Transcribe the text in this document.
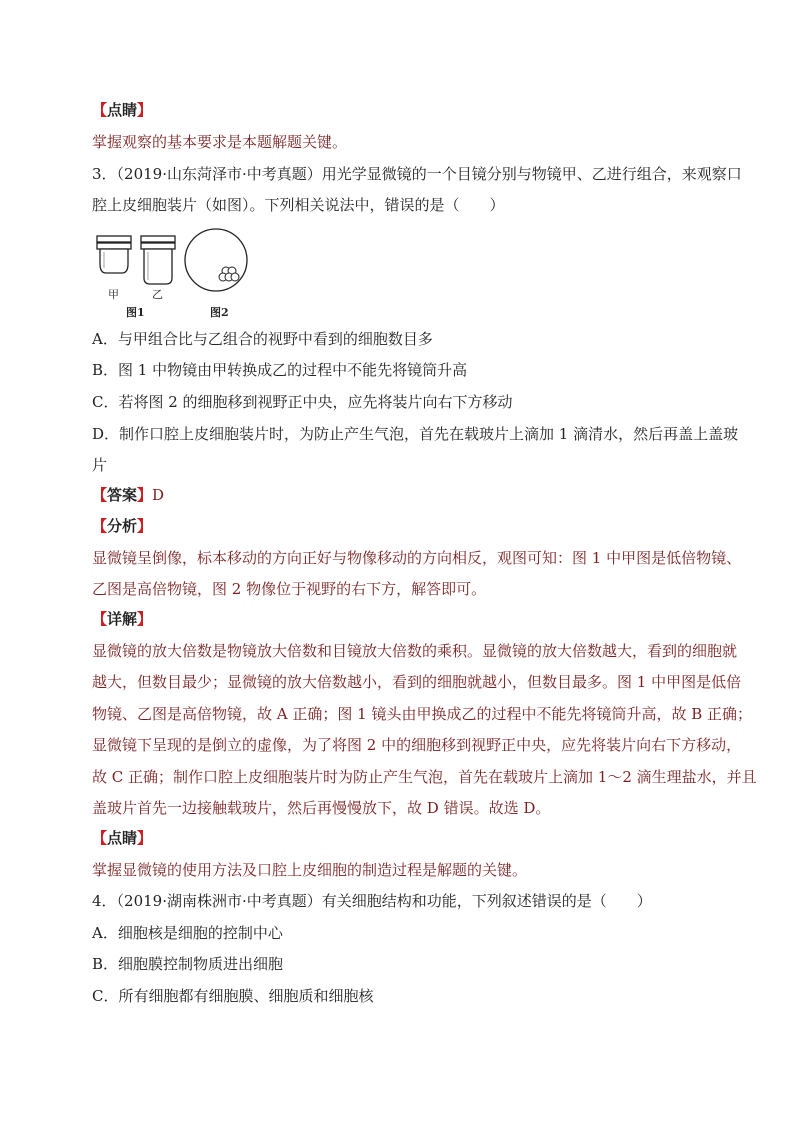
【点睛】
掌握观察的基本要求是本题解题关键。
3．（2019·山东菏泽市·中考真题）用光学显微镜的一个目镜分别与物镜甲、乙进行组合，来观察口
腔上皮细胞装片（如图）。下列相关说法中，错误的是（　　）
甲	乙
图1	图2
A．与甲组合比与乙组合的视野中看到的细胞数目多
B．图 1 中物镜由甲转换成乙的过程中不能先将镜筒升高
C．若将图 2 的细胞移到视野正中央，应先将装片向右下方移动
D．制作口腔上皮细胞装片时，为防止产生气泡，首先在载玻片上滴加 1 滴清水，然后再盖上盖玻
片
【答案】D
【分析】
显微镜呈倒像，标本移动的方向正好与物像移动的方向相反，观图可知：图 1 中甲图是低倍物镜、
乙图是高倍物镜，图 2 物像位于视野的右下方，解答即可。
【详解】
显微镜的放大倍数是物镜放大倍数和目镜放大倍数的乘积。显微镜的放大倍数越大，看到的细胞就
越大，但数目最少；显微镜的放大倍数越小，看到的细胞就越小，但数目最多。图 1 中甲图是低倍
物镜、乙图是高倍物镜，故 A 正确；图 1 镜头由甲换成乙的过程中不能先将镜筒升高，故 B 正确；
显微镜下呈现的是倒立的虚像，为了将图 2 中的细胞移到视野正中央，应先将装片向右下方移动，
故 C 正确；制作口腔上皮细胞装片时为防止产生气泡，首先在载玻片上滴加 1～2 滴生理盐水，并且
盖玻片首先一边接触载玻片，然后再慢慢放下，故 D 错误。故选 D。
【点睛】
掌握显微镜的使用方法及口腔上皮细胞的制造过程是解题的关键。
4．（2019·湖南株洲市·中考真题）有关细胞结构和功能，下列叙述错误的是（　　）
A．细胞核是细胞的控制中心
B．细胞膜控制物质进出细胞
C．所有细胞都有细胞膜、细胞质和细胞核
